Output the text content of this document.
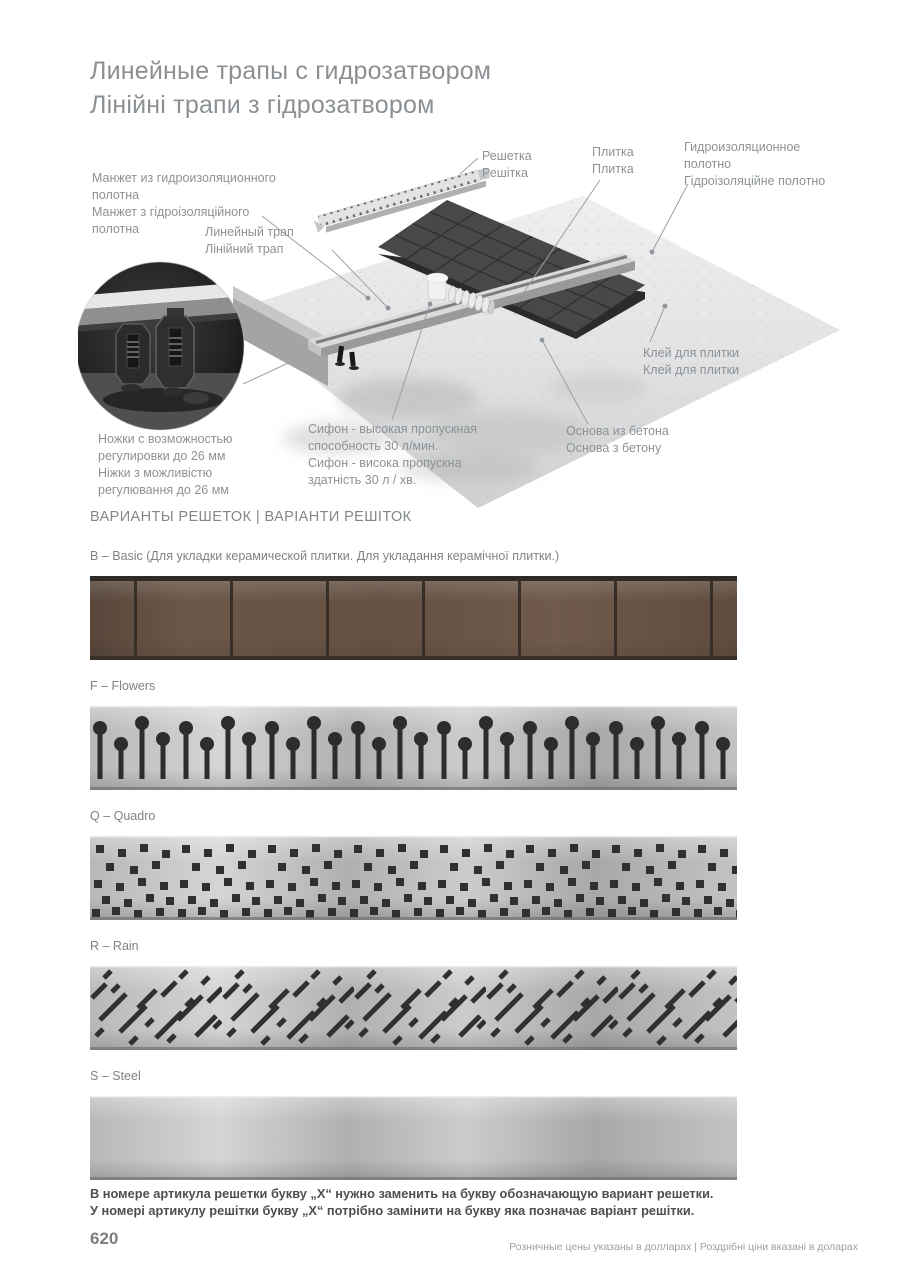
Линейные трапы с гидрозатвором
Лінійні трапи з гідрозатвором
Манжет из гидроизоляционного
полотна
Манжет з гідроізоляційного
полотна	Линейный трап
Лінійний трап
Решетка
Решітка
Плитка
Плитка
Гидроизоляционное
полотно
Гідроізоляційне полотно
Клей для плитки
Клей для плитки
Основа из бетона
Основа з бетону
Ножки с возможностью
регулировки до 26 мм
Ніжки з можливістю
регулювання до 26 мм
Сифон - высокая пропускная
способность 30 л/мин.
Сифон - висока пропускна
здатність 30 л / хв.
ВАРИАНТЫ РЕШЕТОК | ВАРІАНТИ РЕШІТОК
B – Basic (Для укладки керамической плитки. Для укладання керамічної плитки.)
F – Flowers
Q – Quadro
R – Rain
S – Steel
В номере артикула решетки букву „X“ нужно заменить на букву обозначающую вариант решетки.
У номері артикулу решітки букву „X“ потрібно замінити на букву яка позначає варіант решітки.
620	Розничные цены указаны в долларах | Роздрібні ціни вказані в доларах
